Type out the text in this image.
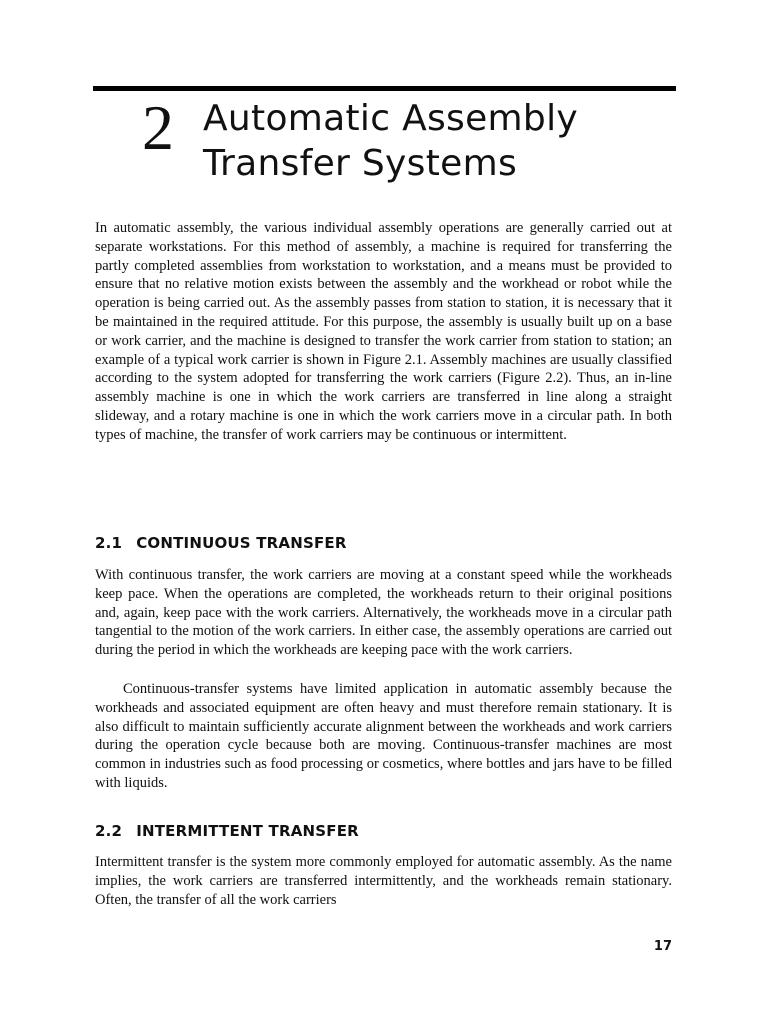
2 Automatic Assembly
Transfer Systems

In automatic assembly, the various individual assembly operations are generally carried out at separate workstations. For this method of assembly, a machine is required for transferring the partly completed assemblies from workstation to workstation, and a means must be provided to ensure that no relative motion exists between the assembly and the workhead or robot while the operation is being carried out. As the assembly passes from station to station, it is necessary that it be maintained in the required attitude. For this purpose, the assembly is usually built up on a base or work carrier, and the machine is designed to transfer the work carrier from station to station; an example of a typical work carrier is shown in Figure 2.1. Assembly machines are usually classified according to the system adopted for transferring the work carriers (Figure 2.2). Thus, an in-line assembly machine is one in which the work carriers are transferred in line along a straight slideway, and a rotary machine is one in which the work carriers move in a circular path. In both types of machine, the transfer of work carriers may be continuous or intermittent.

2.1 CONTINUOUS TRANSFER

With continuous transfer, the work carriers are moving at a constant speed while the workheads keep pace. When the operations are completed, the workheads return to their original positions and, again, keep pace with the work carriers. Alternatively, the workheads move in a circular path tangential to the motion of the work carriers. In either case, the assembly operations are carried out during the period in which the workheads are keeping pace with the work carriers.

Continuous-transfer systems have limited application in automatic assembly because the workheads and associated equipment are often heavy and must therefore remain stationary. It is also difficult to maintain sufficiently accurate alignment between the workheads and work carriers during the operation cycle because both are moving. Continuous-transfer machines are most common in industries such as food processing or cosmetics, where bottles and jars have to be filled with liquids.

2.2 INTERMITTENT TRANSFER

Intermittent transfer is the system more commonly employed for automatic assembly. As the name implies, the work carriers are transferred intermittently, and the workheads remain stationary. Often, the transfer of all the work carriers

17
